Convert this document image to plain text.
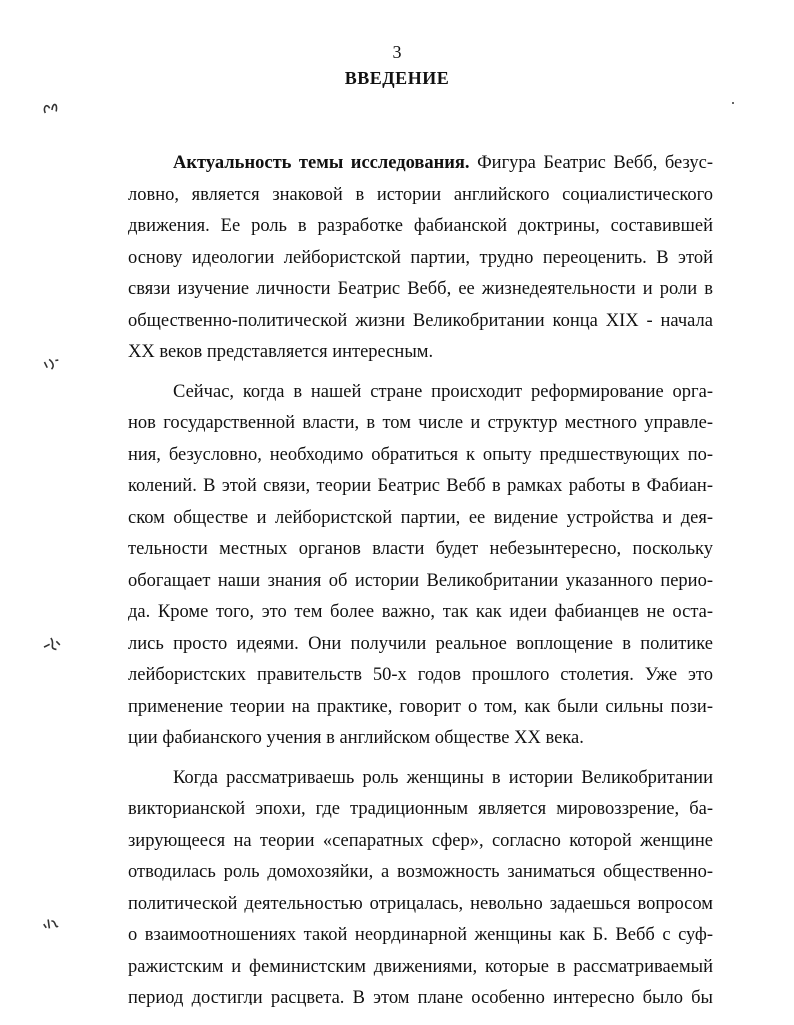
3
ВВЕДЕНИЕ
Актуальность темы исследования. Фигура Беатрис Вебб, безус-
ловно, является знаковой в истории английского социалистического
движения. Ее роль в разработке фабианской доктрины, составившей
основу идеологии лейбористской партии, трудно переоценить. В этой
связи изучение личности Беатрис Вебб, ее жизнедеятельности и роли в
общественно-политической жизни Великобритании конца XIX - начала
XX веков представляется интересным.
Сейчас, когда в нашей стране происходит реформирование орга-
нов государственной власти, в том числе и структур местного управле-
ния, безусловно, необходимо обратиться к опыту предшествующих по-
колений. В этой связи, теории Беатрис Вебб в рамках работы в Фабиан-
ском обществе и лейбористской партии, ее видение устройства и дея-
тельности местных органов власти будет небезынтересно, поскольку
обогащает наши знания об истории Великобритании указанного перио-
да. Кроме того, это тем более важно, так как идеи фабианцев не оста-
лись просто идеями. Они получили реальное воплощение в политике
лейбористских правительств 50-х годов прошлого столетия. Уже это
применение теории на практике, говорит о том, как были сильны пози-
ции фабианского учения в английском обществе XX века.
Когда рассматриваешь роль женщины в истории Великобритании
викторианской эпохи, где традиционным является мировоззрение, ба-
зирующееся на теории «сепаратных сфер», согласно которой женщине
отводилась роль домохозяйки, а возможность заниматься общественно-
политической деятельностью отрицалась, невольно задаешься вопросом
о взаимоотношениях такой неординарной женщины как Б. Вебб с суф-
ражистским и феминистским движениями, которые в рассматриваемый
период достигли расцвета. В этом плане особенно интересно было бы
